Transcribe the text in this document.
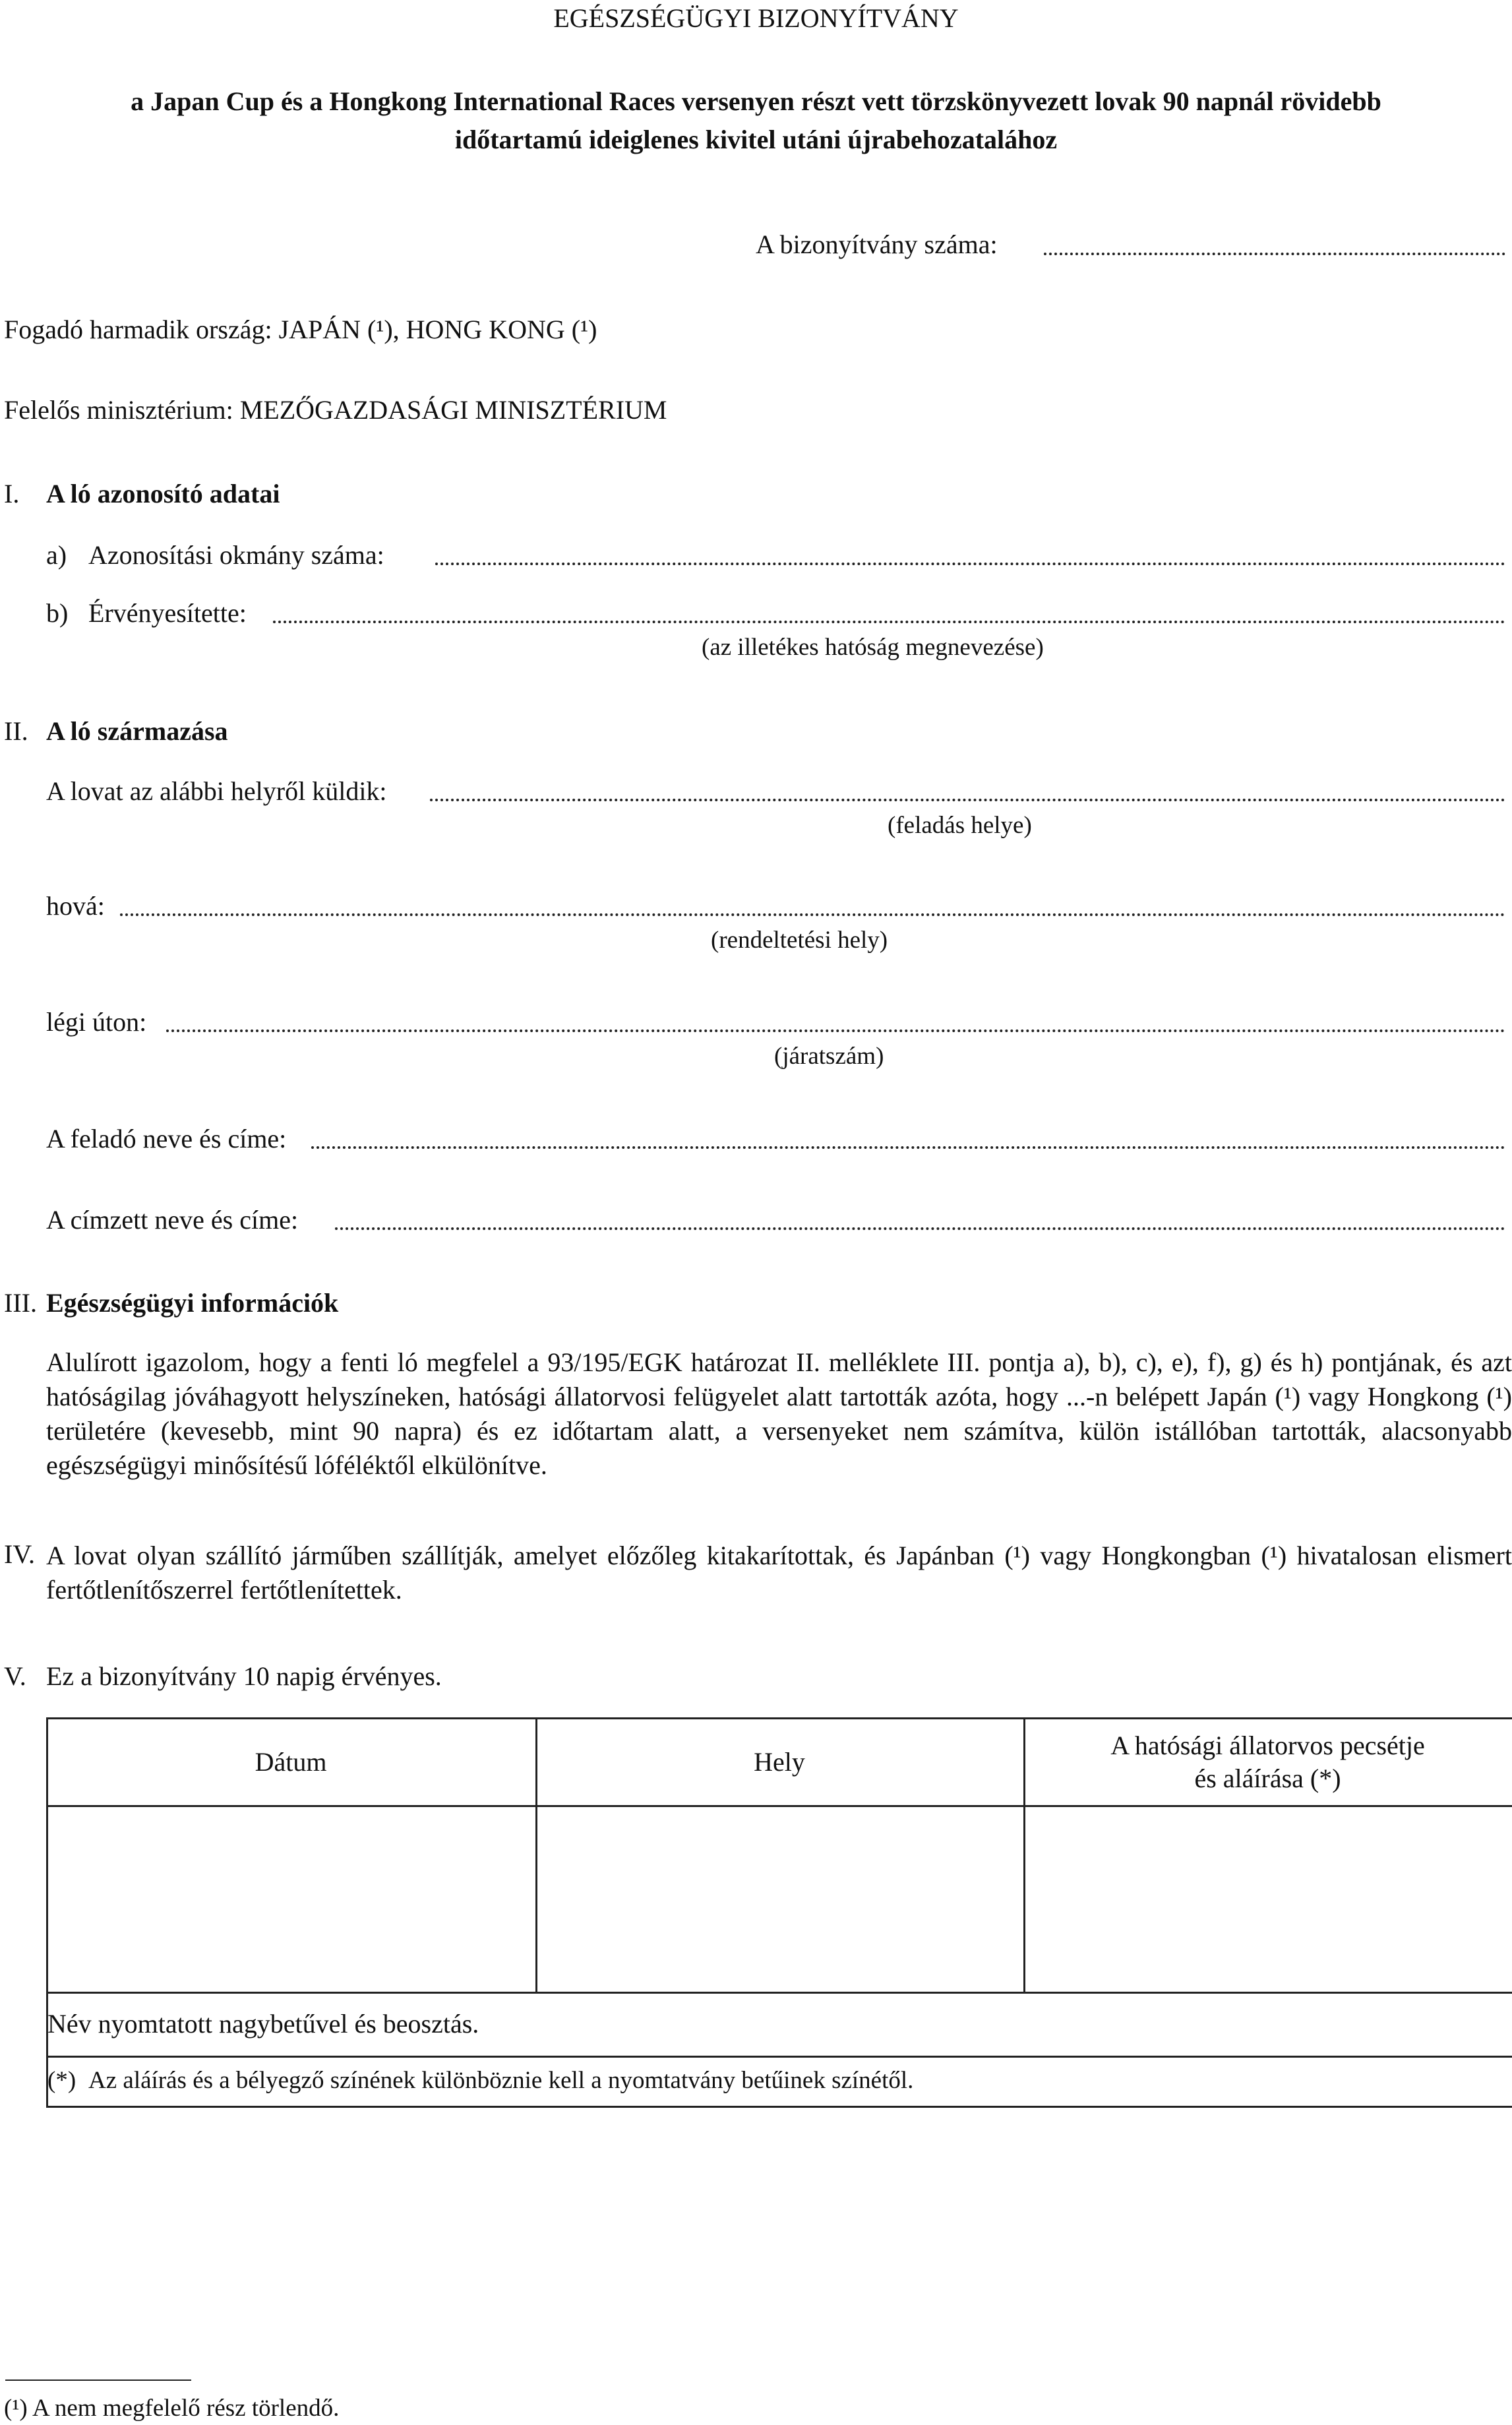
EGÉSZSÉGÜGYI BIZONYÍTVÁNY
a Japan Cup és a Hongkong International Races versenyen részt vett törzskönyvezett lovak 90 napnál rövidebb
időtartamú ideiglenes kivitel utáni újrabehozatalához
A bizonyítvány száma:
Fogadó harmadik ország: JAPÁN (¹), HONG KONG (¹)
Felelős minisztérium: MEZŐGAZDASÁGI MINISZTÉRIUM
I. A ló azonosító adatai
a) Azonosítási okmány száma:
b) Érvényesítette:
(az illetékes hatóság megnevezése)
II. A ló származása
A lovat az alábbi helyről küldik:
(feladás helye)
hová:
(rendeltetési hely)
légi úton:
(járatszám)
A feladó neve és címe:
A címzett neve és címe:
III. Egészségügyi információk
Alulírott igazolom, hogy a fenti ló megfelel a 93/195/EGK határozat II. melléklete III. pontja a), b), c), e), f), g) és h) pontjának, és azt hatóságilag jóváhagyott helyszíneken, hatósági állatorvosi felügyelet alatt tartották azóta, hogy ...-n belépett Japán (¹) vagy Hongkong (¹) területére (kevesebb, mint 90 napra) és ez időtartam alatt, a versenyeket nem számítva, külön istállóban tartották, alacsonyabb egészségügyi minősítésű lóféléktől elkülönítve.
IV. A lovat olyan szállító járműben szállítják, amelyet előzőleg kitakarítottak, és Japánban (¹) vagy Hongkongban (¹) hivatalosan elismert fertőtlenítőszerrel fertőtlenítettek.
V. Ez a bizonyítvány 10 napig érvényes.
Dátum	Hely
A hatósági állatorvos pecsétje
és aláírása (*)
Név nyomtatott nagybetűvel és beosztás.
(*) Az aláírás és a bélyegző színének különböznie kell a nyomtatvány betűinek színétől.
(¹) A nem megfelelő rész törlendő.
